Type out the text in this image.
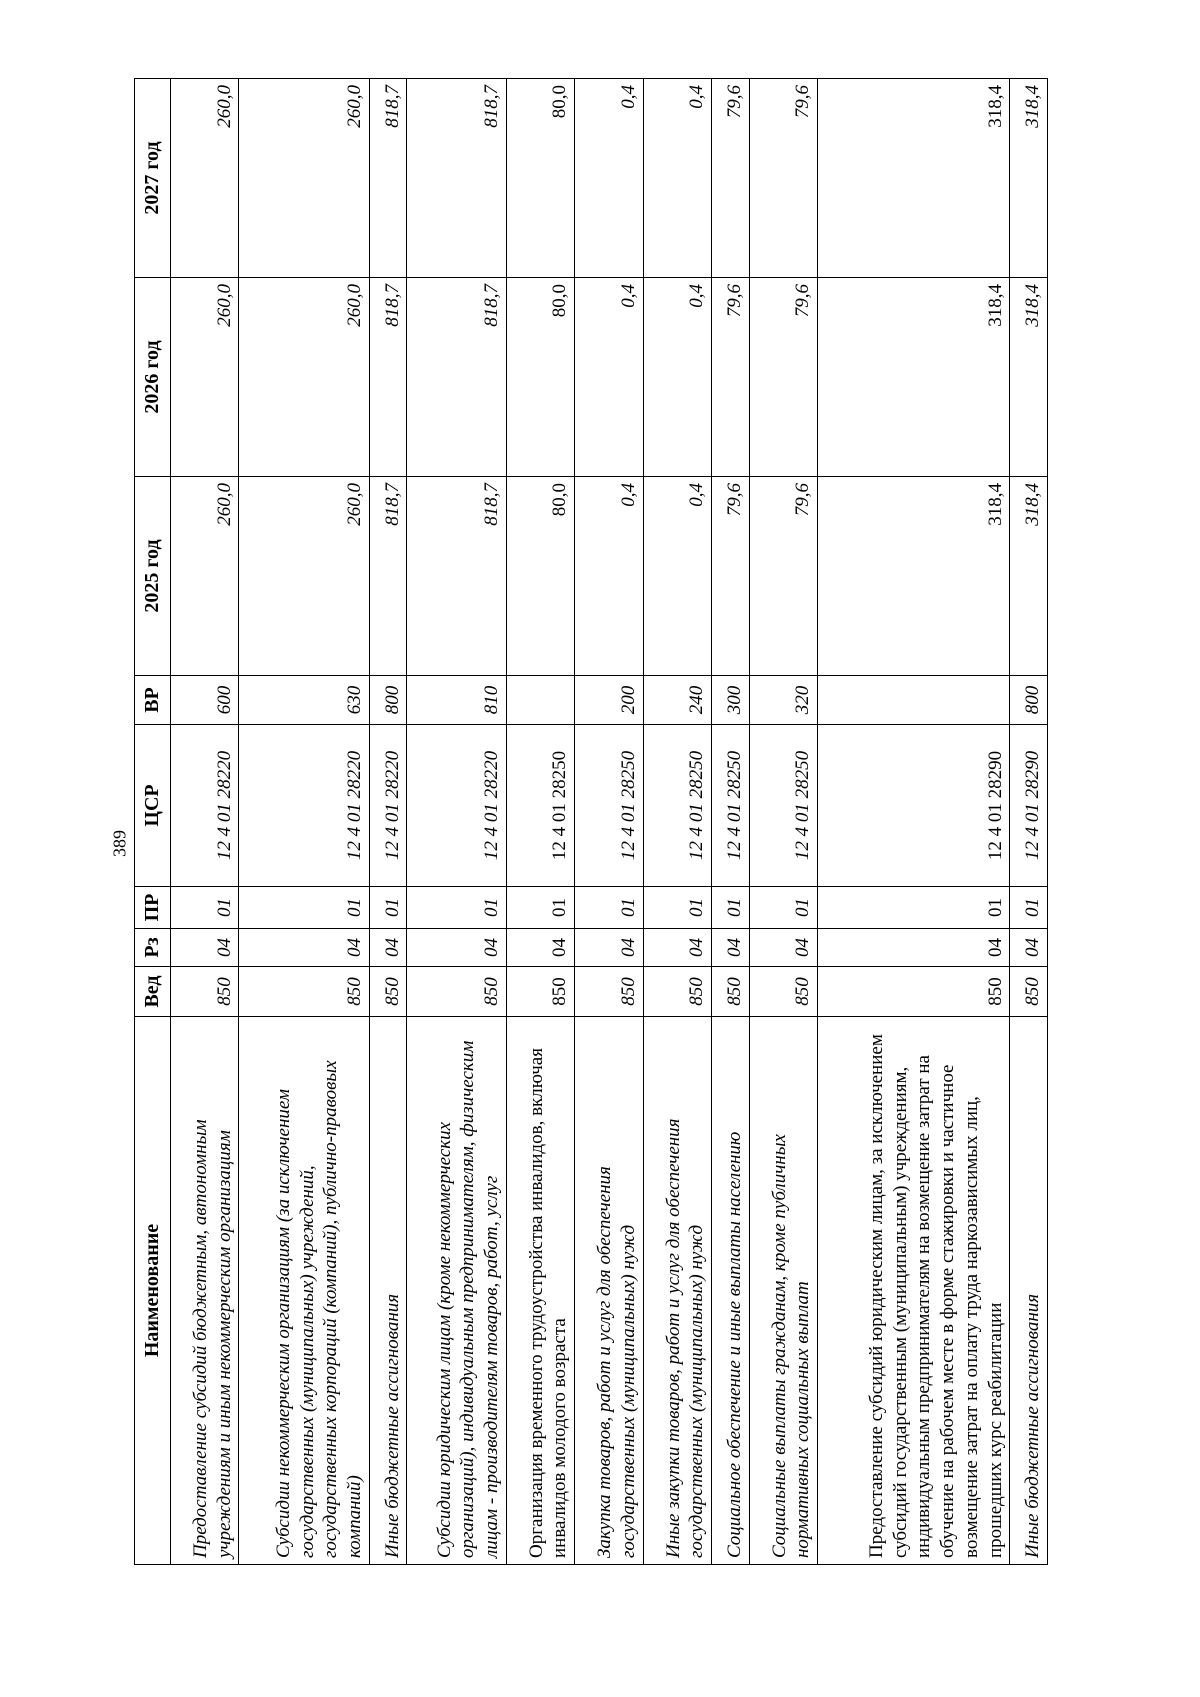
389
Наименование	Вед	Рз	ПР	ЦСР	ВР	2025 год	2026 год	2027 год
Предоставление субсидий бюджетным, автономным учреждениям и иным некоммерческим организациям	850	04	01	12 4 01 28220	600	260,0	260,0	260,0
Субсидии некоммерческим организациям (за исключением государственных (муниципальных) учреждений, государственных корпораций (компаний), публично-правовых компаний)	850	04	01	12 4 01 28220	630	260,0	260,0	260,0
Иные бюджетные ассигнования	850	04	01	12 4 01 28220	800	818,7	818,7	818,7
Субсидии юридическим лицам (кроме некоммерческих организаций), индивидуальным предпринимателям, физическим лицам - производителям товаров, работ, услуг	850	04	01	12 4 01 28220	810	818,7	818,7	818,7
Организация временного трудоустройства инвалидов, включая инвалидов молодого возраста	850	04	01	12 4 01 28250		80,0	80,0	80,0
Закупка товаров, работ и услуг для обеспечения государственных (муниципальных) нужд	850	04	01	12 4 01 28250	200	0,4	0,4	0,4
Иные закупки товаров, работ и услуг для обеспечения государственных (муниципальных) нужд	850	04	01	12 4 01 28250	240	0,4	0,4	0,4
Социальное обеспечение и иные выплаты населению	850	04	01	12 4 01 28250	300	79,6	79,6	79,6
Социальные выплаты гражданам, кроме публичных нормативных социальных выплат	850	04	01	12 4 01 28250	320	79,6	79,6	79,6
Предоставление субсидий юридическим лицам, за исключением субсидий государственным (муниципальным) учреждениям, индивидуальным предпринимателям на возмещение затрат на обучение на рабочем месте в форме стажировки и частичное возмещение затрат на оплату труда наркозависимых лиц, прошедших курс реабилитации	850	04	01	12 4 01 28290		318,4	318,4	318,4
Иные бюджетные ассигнования	850	04	01	12 4 01 28290	800	318,4	318,4	318,4
